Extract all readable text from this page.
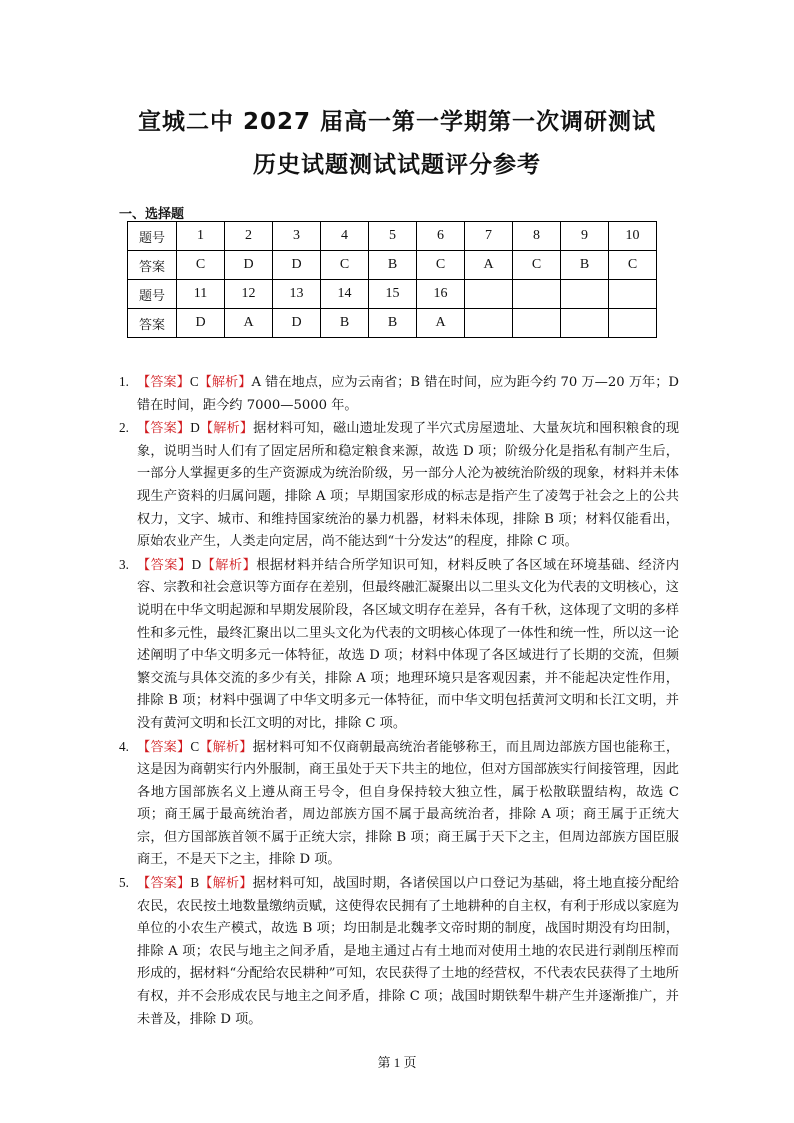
宣城二中 2027 届高一第一学期第一次调研测试
历史试题测试试题评分参考
一、选择题
题号	1	2	3	4	5	6	7	8	9	10
答案	C	D	D	C	B	C	A	C	B	C
题号	11	12	13	14	15	16				
答案	D	A	D	B	B	A				
1. 【答案】C【解析】A 错在地点，应为云南省；B 错在时间，应为距今约 70 万—20 万年；D 错在时间，距今约 7000—5000 年。
2. 【答案】D【解析】据材料可知，磁山遗址发现了半穴式房屋遗址、大量灰坑和囤积粮食的现象，说明当时人们有了固定居所和稳定粮食来源，故选 D 项；阶级分化是指私有制产生后，一部分人掌握更多的生产资源成为统治阶级，另一部分人沦为被统治阶级的现象，材料并未体现生产资料的归属问题，排除 A 项；早期国家形成的标志是指产生了凌驾于社会之上的公共权力，文字、城市、和维持国家统治的暴力机器，材料未体现，排除 B 项；材料仅能看出，原始农业产生，人类走向定居，尚不能达到“十分发达”的程度，排除 C 项。
3. 【答案】D【解析】根据材料并结合所学知识可知，材料反映了各区域在环境基础、经济内容、宗教和社会意识等方面存在差别，但最终融汇凝聚出以二里头文化为代表的文明核心，这说明在中华文明起源和早期发展阶段，各区域文明存在差异，各有千秋，这体现了文明的多样性和多元性，最终汇聚出以二里头文化为代表的文明核心体现了一体性和统一性，所以这一论述阐明了中华文明多元一体特征，故选 D 项；材料中体现了各区域进行了长期的交流，但频繁交流与具体交流的多少有关，排除 A 项；地理环境只是客观因素，并不能起决定性作用，排除 B 项；材料中强调了中华文明多元一体特征，而中华文明包括黄河文明和长江文明，并没有黄河文明和长江文明的对比，排除 C 项。
4. 【答案】C【解析】据材料可知不仅商朝最高统治者能够称王，而且周边部族方国也能称王，这是因为商朝实行内外服制，商王虽处于天下共主的地位，但对方国部族实行间接管理，因此各地方国部族名义上遵从商王号令，但自身保持较大独立性，属于松散联盟结构，故选 C 项；商王属于最高统治者，周边部族方国不属于最高统治者，排除 A 项；商王属于正统大宗，但方国部族首领不属于正统大宗，排除 B 项；商王属于天下之主，但周边部族方国臣服商王，不是天下之主，排除 D 项。
5. 【答案】B【解析】据材料可知，战国时期，各诸侯国以户口登记为基础，将土地直接分配给农民，农民按土地数量缴纳贡赋，这使得农民拥有了土地耕种的自主权，有利于形成以家庭为单位的小农生产模式，故选 B 项；均田制是北魏孝文帝时期的制度，战国时期没有均田制，排除 A 项；农民与地主之间矛盾，是地主通过占有土地而对使用土地的农民进行剥削压榨而形成的，据材料“分配给农民耕种”可知，农民获得了土地的经营权，不代表农民获得了土地所有权，并不会形成农民与地主之间矛盾，排除 C 项；战国时期铁犁牛耕产生并逐渐推广，并未普及，排除 D 项。
第 1 页
